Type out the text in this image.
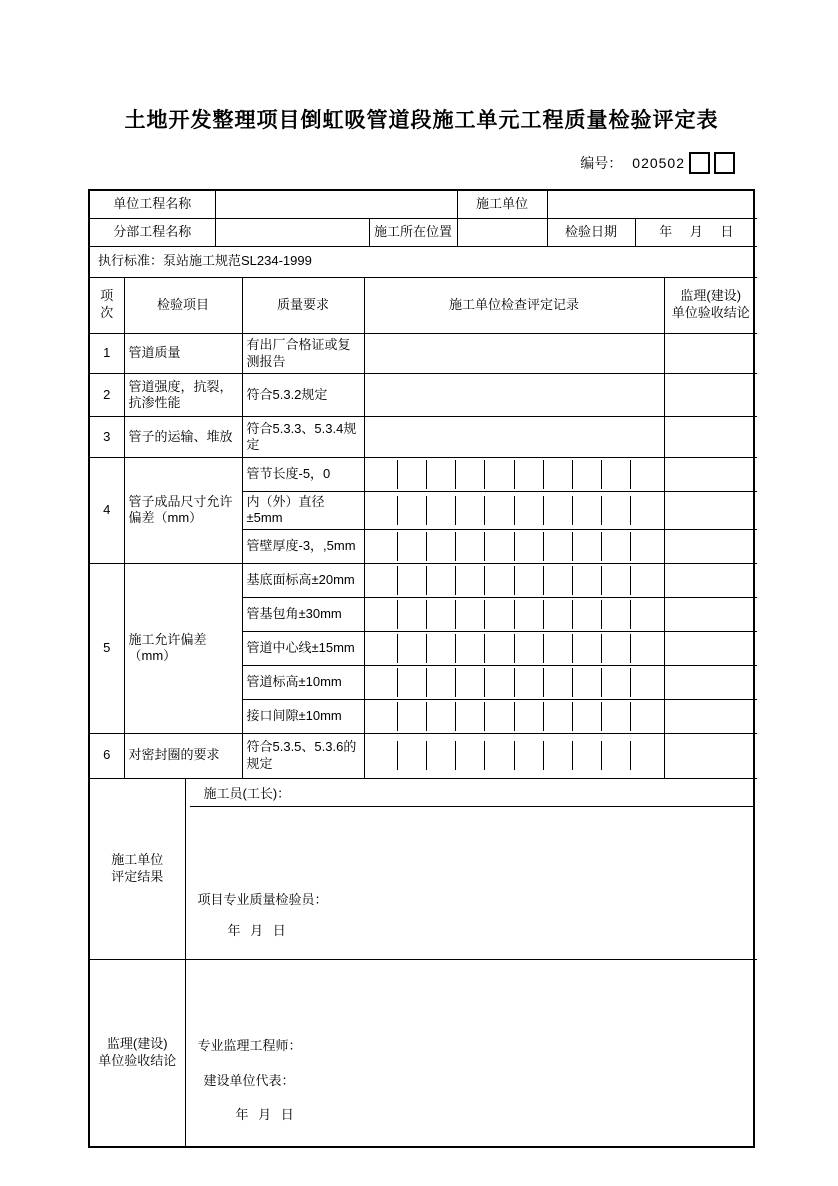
土地开发整理项目倒虹吸管道段施工单元工程质量检验评定表
编号： 020502
单位工程名称			施工单位		
分部工程名称		施工所在位置		检验日期	年 月 日
执行标准：泵站施工规范SL234-1999					
项
次	检验项目	质量要求	施工单位检查评定记录	监理(建设)
单位验收结论

1	管道质量	有出厂合格证或复测报告		
2	管道强度，抗裂，抗渗性能	符合5.3.2规定		
3	管子的运输、堆放	符合5.3.3、5.3.4规定		
4	管子成品尺寸允许偏差（mm）	管节长度-5，0	

		内（外）直径±5mm	

		管壁厚度-3，,5mm	

5	施工允许偏差（mm）	基底面标高±20mm	

		管基包角±30mm	

		管道中心线±15mm	

		管道标高±10mm	

		接口间隙±10mm	

6	对密封圈的要求	符合5.3.5、5.3.6的规定	

施工单位
评定结果

施工员(工长)：
项目专业质量检验员：
年 月 日

监理(建设)
单位验收结论

专业监理工程师：
建设单位代表：
年 月 日
